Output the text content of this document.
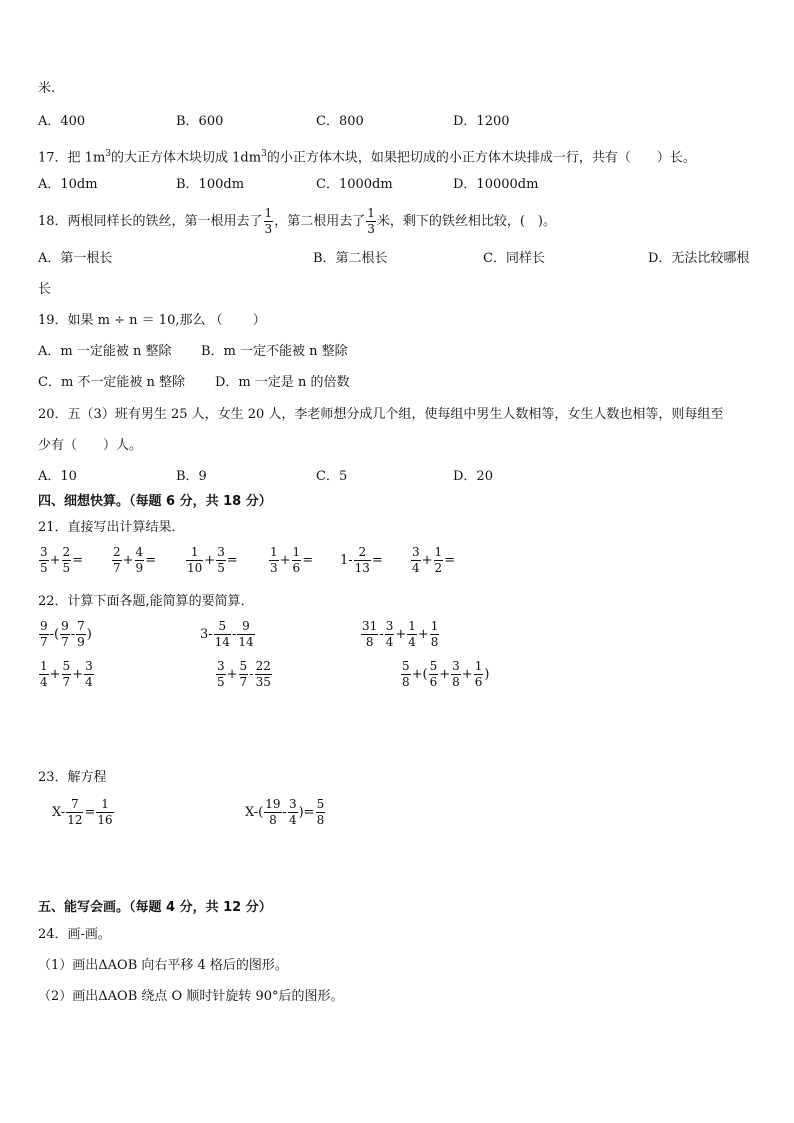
米.
A．400	B．600	C．800	D．1200
17．把 $1m^3$的大正方体木块切成 $1dm^3$的小正方体木块，如果把切成的小正方体木块排成一行，共有（　　）长。
A．10dm	B．100dm	C．1000dm	D．10000dm
18．两根同样长的铁丝，第一根用去了 $\frac{1}{3}$ ，第二根用去了 $\frac{1}{3}$ 米，剩下的铁丝相比较，(　)。
A．第一根长	B．第二根长	C．同样长	D．无法比较哪根
长
19．如果 m ÷ n ＝ 10,那么 （　　 ）
A．m 一定能被 n 整除 B．m 一定不能被 n 整除
C．m 不一定能被 n 整除 D．m 一定是 n 的倍数
20．五（3）班有男生 25 人，女生 20 人，李老师想分成几个组，使每组中男生人数相等，女生人数也相等，则每组至
少有（　　）人。
A．10	B．9	C．5	D．20
四、细想快算。（每题 6 分，共 18 分）
21．直接写出计算结果．
$\frac{3}{5} + \frac{2}{5} = \frac{2}{7} + \frac{4}{9} = \frac{1}{10} + \frac{3}{5}$ =	$\frac{1}{3} + \frac{1}{6} = 1- \frac{2}{13} = \frac{3}{4} + \frac{1}{2}$ =
22．计算下面各题,能简算的要简算．
$\frac{9}{7}$ -( $\frac{9}{7} - \frac{7}{9}$ )	$3- \frac{5}{14} - \frac{9}{14}$	$\frac{31}{8} - \frac{3}{4} + \frac{1}{4} + \frac{1}{8}$
$\frac{1}{4} + \frac{5}{7} + \frac{3}{4}$	$\frac{3}{5} + \frac{5}{7} - \frac{22}{35}$	$\frac{5}{8}$ +( $\frac{5}{6} + \frac{3}{8} + \frac{1}{6}$ )
23．解方程
$X- \frac{7}{12} = \frac{1}{16}$	$X-( \frac{19}{8} - \frac{3}{4}$ )= $\frac{5}{8}$
五、能写会画。（每题 4 分，共 12 分）
24．画-画。
（1）画出ΔAOB 向右平移 4 格后的图形。
（2）画出ΔAOB 绕点 O 顺时针旋转 90°后的图形。
